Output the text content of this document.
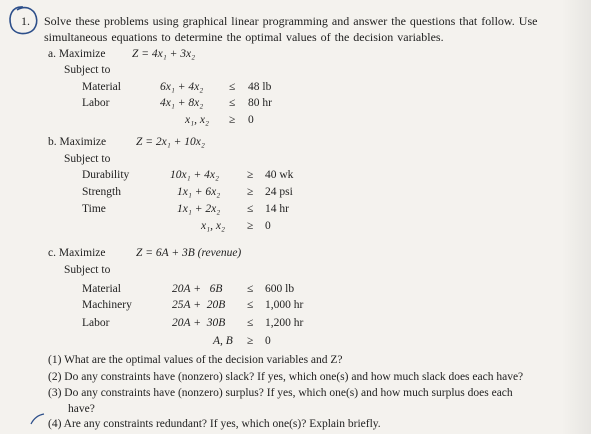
1. Solve these problems using graphical linear programming and answer the questions that follow. Use
simultaneous equations to determine the optimal values of the decision variables.
a. Maximize Z = 4x₁ + 3x₂
Subject to
Material	6x₁ + 4x₂ ≤ 48 lb
Labor	4x₁ + 8x₂ ≤ 80 hr
x₁, x₂ ≥ 0
b. Maximize	Z = 2x₁ + 10x₂
Subject to
Durability	10x₁ + 4x₂ ≥ 40 wk
Strength	1x₁ + 6x₂ ≥ 24 psi
Time	1x₁ + 2x₂ ≤ 14 hr
x₁, x₂ ≥ 0
c. Maximize	Z = 6A + 3B (revenue)
Subject to
Material	20A +   6B ≤ 600 lb
Machinery	25A +  20B ≤ 1,000 hr
Labor	20A +  30B ≤ 1,200 hr
A, B ≥ 0
(1) What are the optimal values of the decision variables and Z?
(2) Do any constraints have (nonzero) slack? If yes, which one(s) and how much slack does each have?
(3) Do any constraints have (nonzero) surplus? If yes, which one(s) and how much surplus does each
have?
(4) Are any constraints redundant? If yes, which one(s)? Explain briefly.
